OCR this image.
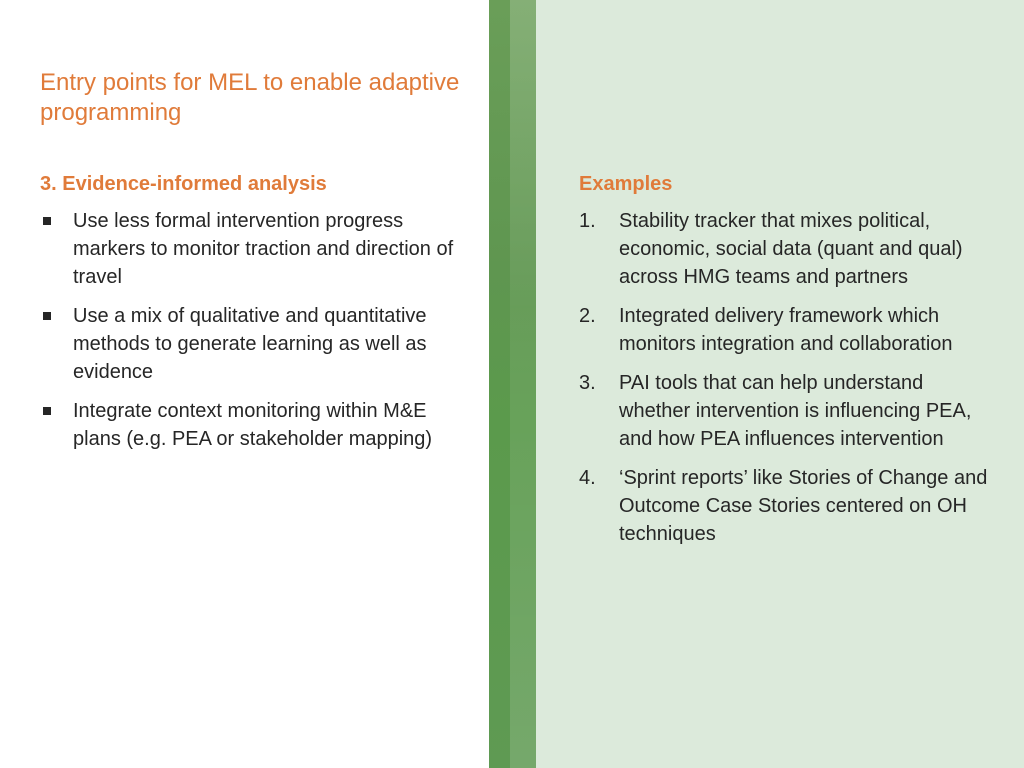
Entry points for MEL to enable adaptive programming
3. Evidence-informed analysis
Use less formal intervention progress markers to monitor traction and direction of travel
Use a mix of qualitative and quantitative methods to generate learning as well as evidence
Integrate context monitoring within M&E plans (e.g. PEA or stakeholder mapping)
Examples
1. Stability tracker that mixes political, economic, social data (quant and qual) across HMG teams and partners
2. Integrated delivery framework which monitors integration and collaboration
3. PAI tools that can help understand whether intervention is influencing PEA, and how PEA influences intervention
4. ‘Sprint reports’ like Stories of Change and Outcome Case Stories centered on OH techniques
